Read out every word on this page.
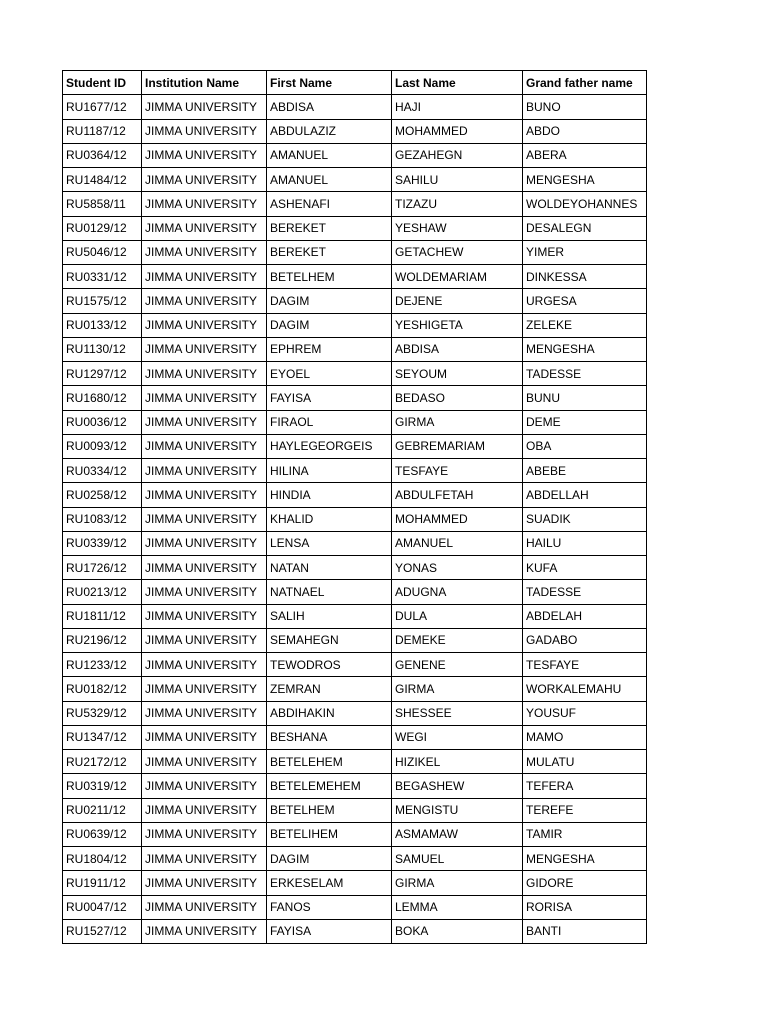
Student ID	Institution Name	First Name	Last Name	Grand father name
RU1677/12	JIMMA UNIVERSITY	ABDISA	HAJI	BUNO
RU1187/12	JIMMA UNIVERSITY	ABDULAZIZ	MOHAMMED	ABDO
RU0364/12	JIMMA UNIVERSITY	AMANUEL	GEZAHEGN	ABERA
RU1484/12	JIMMA UNIVERSITY	AMANUEL	SAHILU	MENGESHA
RU5858/11	JIMMA UNIVERSITY	ASHENAFI	TIZAZU	WOLDEYOHANNES
RU0129/12	JIMMA UNIVERSITY	BEREKET	YESHAW	DESALEGN
RU5046/12	JIMMA UNIVERSITY	BEREKET	GETACHEW	YIMER
RU0331/12	JIMMA UNIVERSITY	BETELHEM	WOLDEMARIAM	DINKESSA
RU1575/12	JIMMA UNIVERSITY	DAGIM	DEJENE	URGESA
RU0133/12	JIMMA UNIVERSITY	DAGIM	YESHIGETA	ZELEKE
RU1130/12	JIMMA UNIVERSITY	EPHREM	ABDISA	MENGESHA
RU1297/12	JIMMA UNIVERSITY	EYOEL	SEYOUM	TADESSE
RU1680/12	JIMMA UNIVERSITY	FAYISA	BEDASO	BUNU
RU0036/12	JIMMA UNIVERSITY	FIRAOL	GIRMA	DEME
RU0093/12	JIMMA UNIVERSITY	HAYLEGEORGEIS	GEBREMARIAM	OBA
RU0334/12	JIMMA UNIVERSITY	HILINA	TESFAYE	ABEBE
RU0258/12	JIMMA UNIVERSITY	HINDIA	ABDULFETAH	ABDELLAH
RU1083/12	JIMMA UNIVERSITY	KHALID	MOHAMMED	SUADIK
RU0339/12	JIMMA UNIVERSITY	LENSA	AMANUEL	HAILU
RU1726/12	JIMMA UNIVERSITY	NATAN	YONAS	KUFA
RU0213/12	JIMMA UNIVERSITY	NATNAEL	ADUGNA	TADESSE
RU1811/12	JIMMA UNIVERSITY	SALIH	DULA	ABDELAH
RU2196/12	JIMMA UNIVERSITY	SEMAHEGN	DEMEKE	GADABO
RU1233/12	JIMMA UNIVERSITY	TEWODROS	GENENE	TESFAYE
RU0182/12	JIMMA UNIVERSITY	ZEMRAN	GIRMA	WORKALEMAHU
RU5329/12	JIMMA UNIVERSITY	ABDIHAKIN	SHESSEE	YOUSUF
RU1347/12	JIMMA UNIVERSITY	BESHANA	WEGI	MAMO
RU2172/12	JIMMA UNIVERSITY	BETELEHEM	HIZIKEL	MULATU
RU0319/12	JIMMA UNIVERSITY	BETELEMEHEM	BEGASHEW	TEFERA
RU0211/12	JIMMA UNIVERSITY	BETELHEM	MENGISTU	TEREFE
RU0639/12	JIMMA UNIVERSITY	BETELIHEM	ASMAMAW	TAMIR
RU1804/12	JIMMA UNIVERSITY	DAGIM	SAMUEL	MENGESHA
RU1911/12	JIMMA UNIVERSITY	ERKESELAM	GIRMA	GIDORE
RU0047/12	JIMMA UNIVERSITY	FANOS	LEMMA	RORISA
RU1527/12	JIMMA UNIVERSITY	FAYISA	BOKA	BANTI
